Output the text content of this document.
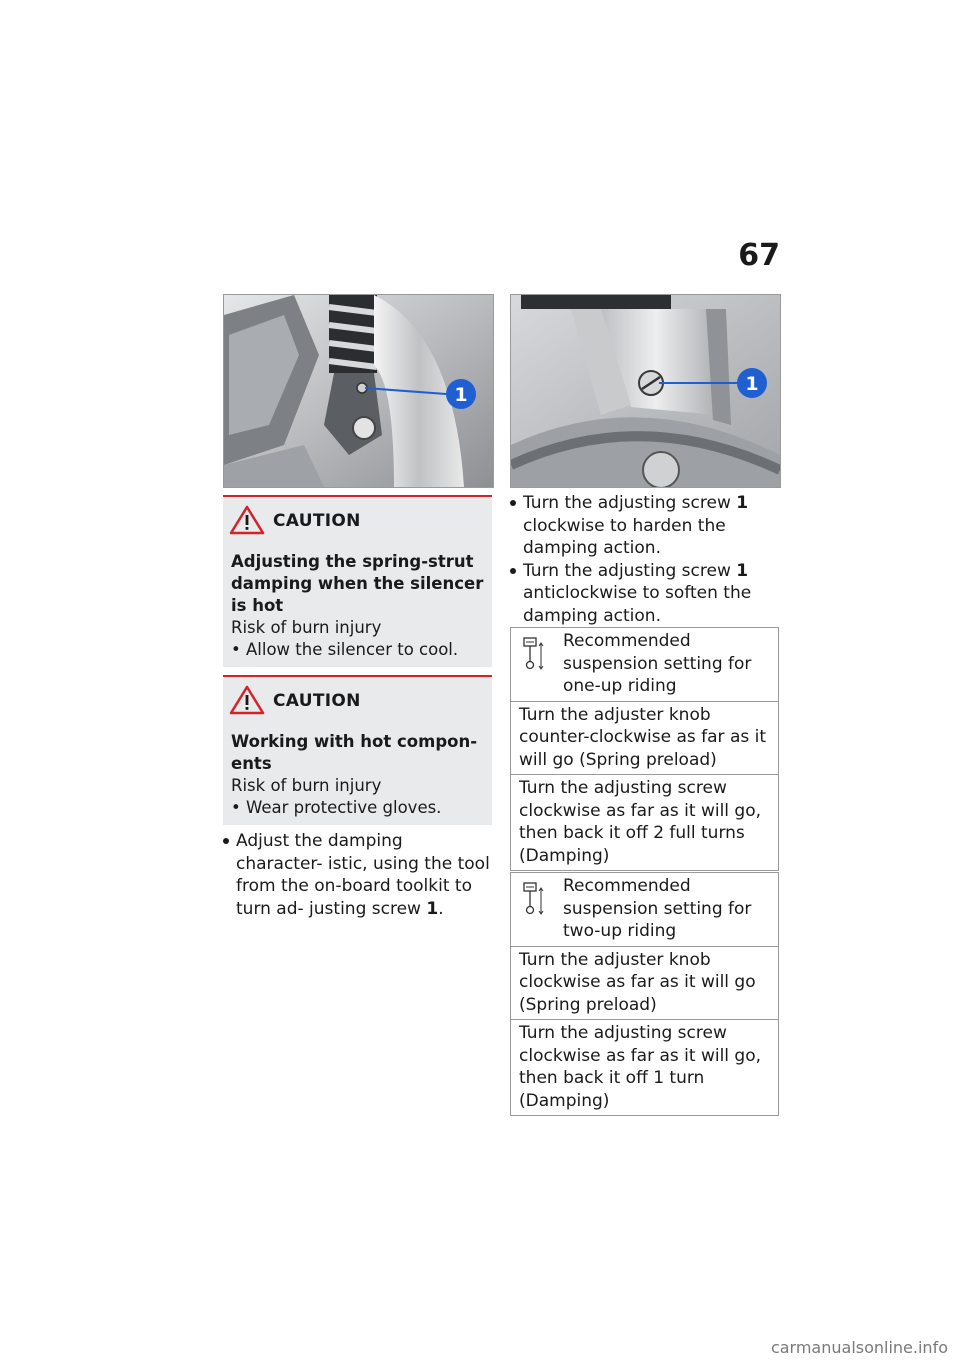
67
1	1
CAUTION
Adjusting the spring-strut damping when the silencer is hot
Risk of burn injury
• Allow the silencer to cool.
CAUTION
Working with hot compon- ents
Risk of burn injury
• Wear protective gloves.
Adjust the damping character- istic, using the tool from the on-board toolkit to turn ad- justing screw 1.
Turn the adjusting screw 1 clockwise to harden the damping action.
Turn the adjusting screw 1 anticlockwise to soften the damping action.
Recommended suspension setting for one-up riding
Turn the adjuster knob counter-clockwise as far as it will go (Spring preload)
Turn the adjusting screw clockwise as far as it will go, then back it off 2 full turns (Damping)
Recommended suspension setting for two-up riding
Turn the adjuster knob clockwise as far as it will go (Spring preload)
Turn the adjusting screw clockwise as far as it will go, then back it off 1 turn (Damping)
carmanualsonline.info
